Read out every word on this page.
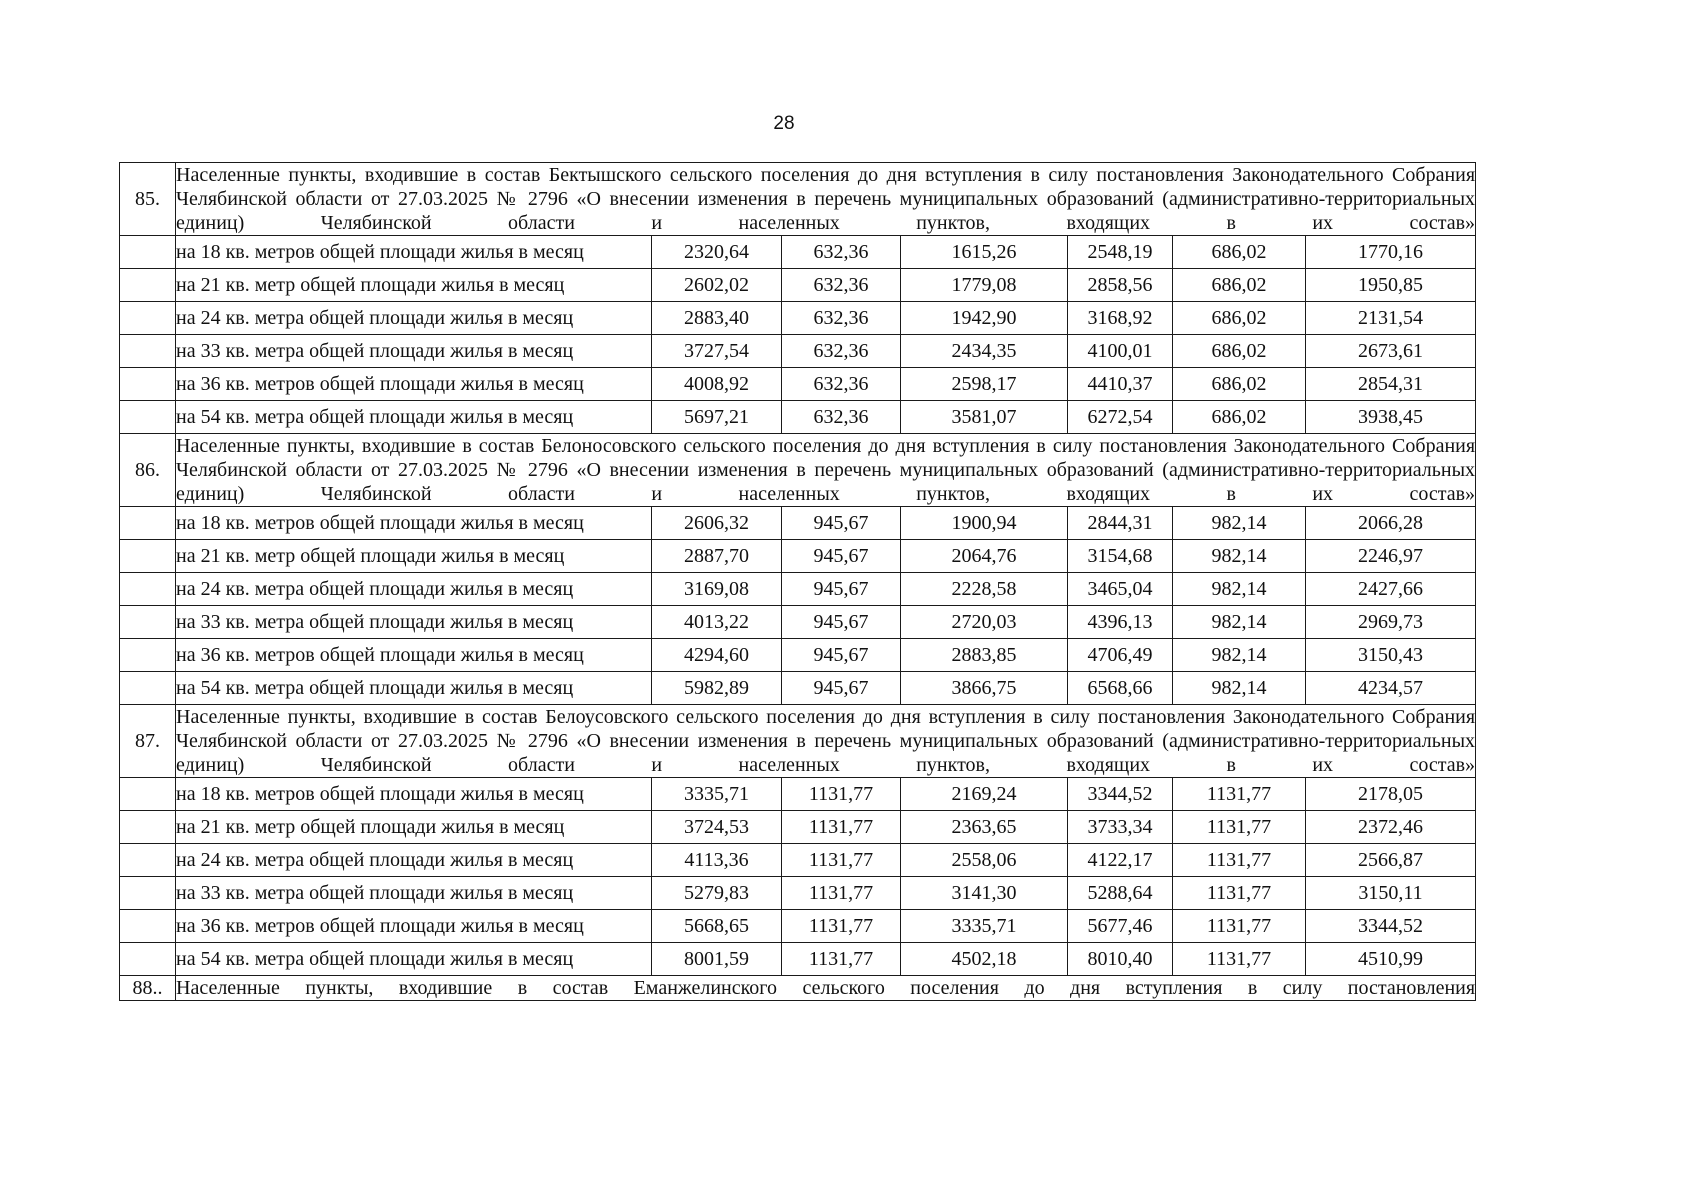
28
85.	Населенные пункты, входившие в состав Бектышского сельского поселения до дня вступления в силу постановления Законодательного Собрания Челябинской области от 27.03.2025 № 2796 «О внесении изменения в перечень муниципальных образований (административно-территориальных единиц) Челябинской области и населенных пунктов, входящих в их состав»						
	на 18 кв. метров общей площади жилья в месяц	2320,64	632,36	1615,26	2548,19	686,02	1770,16
	на 21 кв. метр общей площади жилья в месяц	2602,02	632,36	1779,08	2858,56	686,02	1950,85
	на 24 кв. метра общей площади жилья в месяц	2883,40	632,36	1942,90	3168,92	686,02	2131,54
	на 33 кв. метра общей площади жилья в месяц	3727,54	632,36	2434,35	4100,01	686,02	2673,61
	на 36 кв. метров общей площади жилья в месяц	4008,92	632,36	2598,17	4410,37	686,02	2854,31
	на 54 кв. метра общей площади жилья в месяц	5697,21	632,36	3581,07	6272,54	686,02	3938,45
86.	Населенные пункты, входившие в состав Белоносовского сельского поселения до дня вступления в силу постановления Законодательного Собрания Челябинской области от 27.03.2025 № 2796 «О внесении изменения в перечень муниципальных образований (административно-территориальных единиц) Челябинской области и населенных пунктов, входящих в их состав»						
	на 18 кв. метров общей площади жилья в месяц	2606,32	945,67	1900,94	2844,31	982,14	2066,28
	на 21 кв. метр общей площади жилья в месяц	2887,70	945,67	2064,76	3154,68	982,14	2246,97
	на 24 кв. метра общей площади жилья в месяц	3169,08	945,67	2228,58	3465,04	982,14	2427,66
	на 33 кв. метра общей площади жилья в месяц	4013,22	945,67	2720,03	4396,13	982,14	2969,73
	на 36 кв. метров общей площади жилья в месяц	4294,60	945,67	2883,85	4706,49	982,14	3150,43
	на 54 кв. метра общей площади жилья в месяц	5982,89	945,67	3866,75	6568,66	982,14	4234,57
87.	Населенные пункты, входившие в состав Белоусовского сельского поселения до дня вступления в силу постановления Законодательного Собрания Челябинской области от 27.03.2025 № 2796 «О внесении изменения в перечень муниципальных образований (административно-территориальных единиц) Челябинской области и населенных пунктов, входящих в их состав»						
	на 18 кв. метров общей площади жилья в месяц	3335,71	1131,77	2169,24	3344,52	1131,77	2178,05
	на 21 кв. метр общей площади жилья в месяц	3724,53	1131,77	2363,65	3733,34	1131,77	2372,46
	на 24 кв. метра общей площади жилья в месяц	4113,36	1131,77	2558,06	4122,17	1131,77	2566,87
	на 33 кв. метра общей площади жилья в месяц	5279,83	1131,77	3141,30	5288,64	1131,77	3150,11
	на 36 кв. метров общей площади жилья в месяц	5668,65	1131,77	3335,71	5677,46	1131,77	3344,52
	на 54 кв. метра общей площади жилья в месяц	8001,59	1131,77	4502,18	8010,40	1131,77	4510,99
88..	Населенные пункты, входившие в состав Еманжелинского сельского поселения до дня вступления в силу постановления						
